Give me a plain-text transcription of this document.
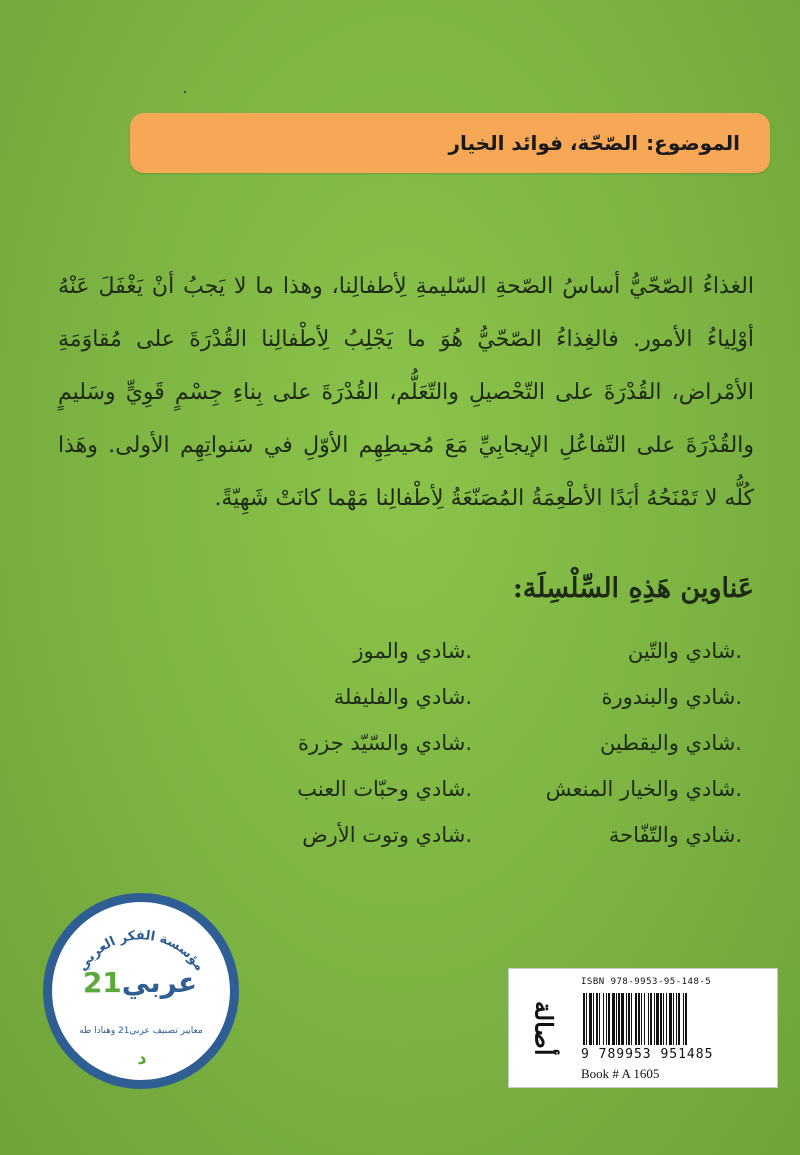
الموضوع:
الصّحّة، فوائد الخيار
الغذاءُ الصّحّيُّ أساسُ الصّحةِ السّليمةِ لِأطفالِنا، وهذا ما لا يَجبُ أنْ يَغْفَلَ عَنْهُ أوْلِياءُ الأمور. فالغِذاءُ الصّحّيُّ هُوَ ما يَجْلِبُ لِأطْفالِنا القُدْرَةَ على مُقاوَمَةِ الأمْراض، القُدْرَةَ على التّحْصيلِ والتّعَلُّم، القُدْرَةَ على بِناءِ جِسْمٍ قَوِيٍّ وسَليمٍ والقُدْرَةَ على التّفاعُلِ الإيجابِيِّ مَعَ مُحيطِهِم الأوّلِ في سَنواتِهِم الأولى. وهَذا كُلُّه لا تَمْنَحُهُ أبَدًا الأطْعِمَةُ المُصَنّعَةُ لِأطْفالِنا مَهْما كانَتْ شَهِيّةً.
عَناوين هَذِهِ السِّلْسِلَة:
.شادي والتّين
.شادي والموز
.شادي والبندورة
.شادي والفليفلة
.شادي واليقطين
.شادي والسّيّد جزرة
.شادي والخيار المنعش
.شادي وحبّات العنب
.شادي والتّفّاحة
.شادي وتوت الأرض
مؤسسة الفكر العربي
عربي21
معايير تصنيف عربي21 وهنادا طه
د
أصالة
ISBN 978-9953-95-148-5
9 789953 951485
Book # A 1605
